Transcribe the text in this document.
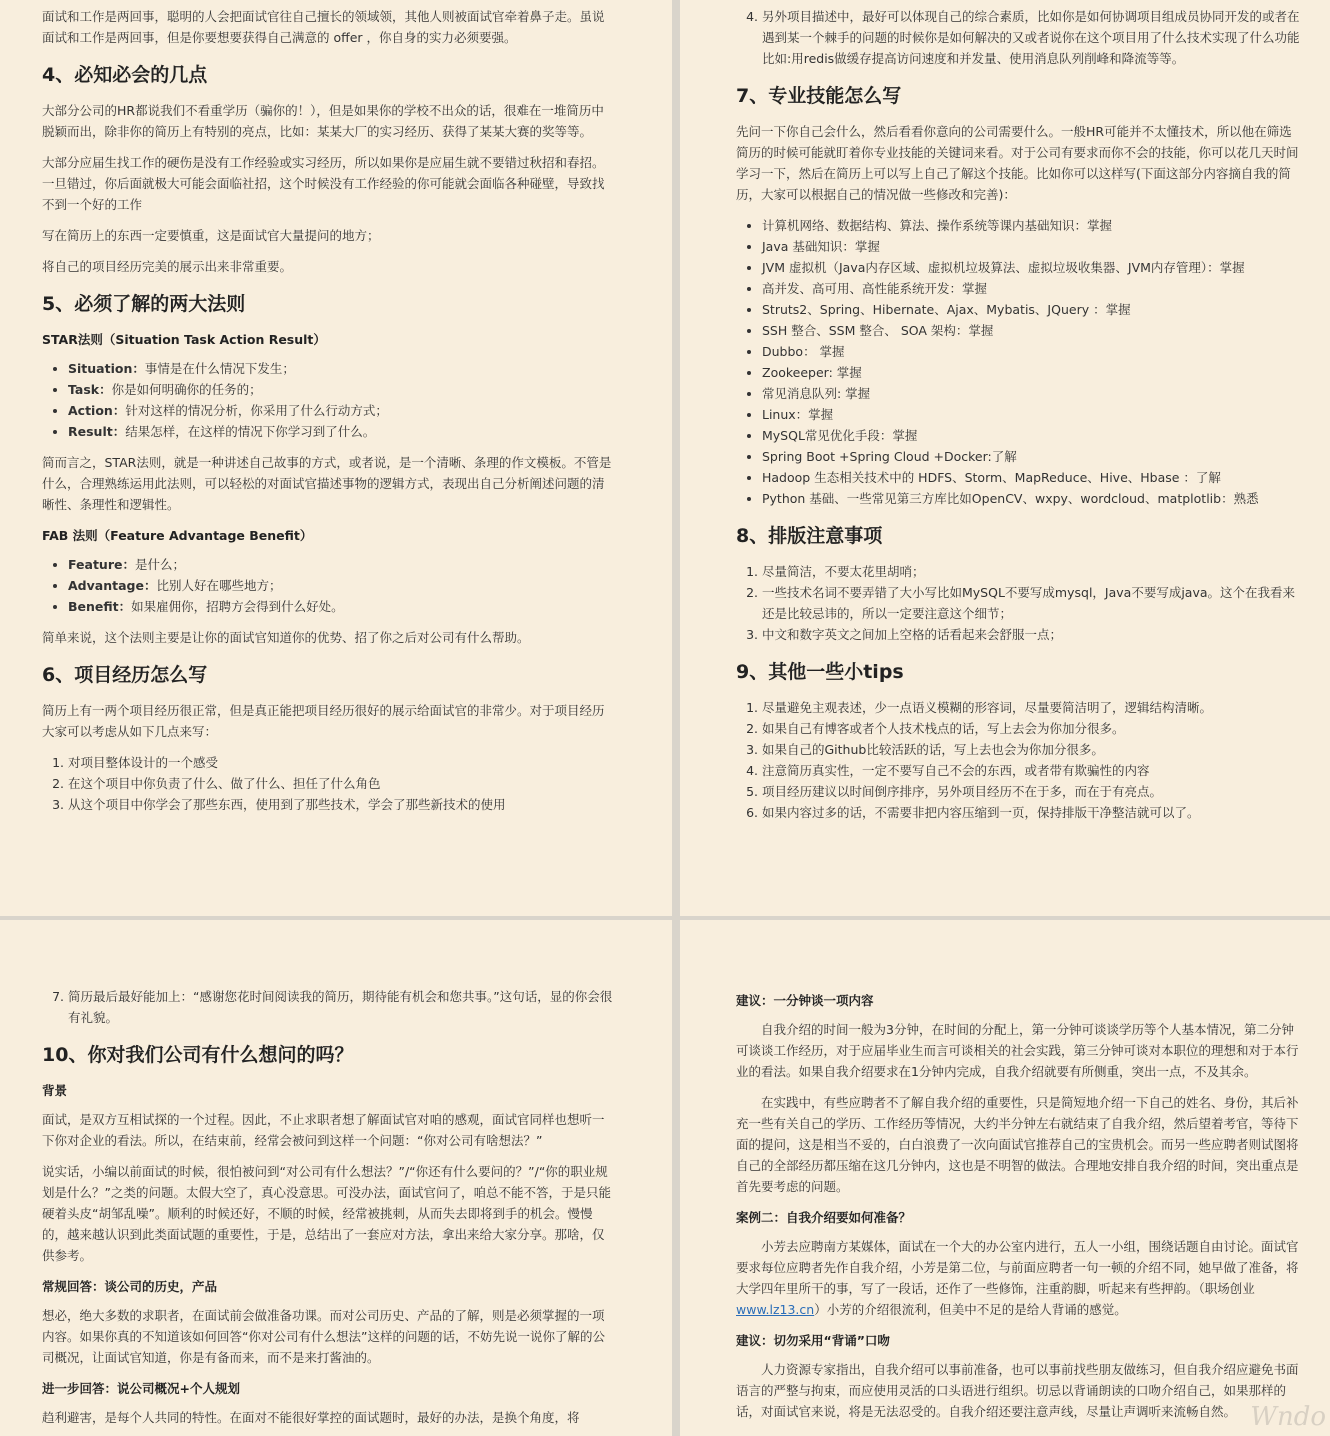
面试和工作是两回事，聪明的人会把面试官往自己擅长的领域领，其他人则被面试官牵着鼻子走。虽说面试和工作是两回事，但是你要想要获得自己满意的 offer ，你自身的实力必须要强。

4、必知必会的几点

大部分公司的HR都说我们不看重学历（骗你的！），但是如果你的学校不出众的话，很难在一堆简历中脱颖而出，除非你的简历上有特别的亮点，比如：某某大厂的实习经历、获得了某某大赛的奖等等。

大部分应届生找工作的硬伤是没有工作经验或实习经历，所以如果你是应届生就不要错过秋招和春招。一旦错过，你后面就极大可能会面临社招，这个时候没有工作经验的你可能就会面临各种碰壁，导致找不到一个好的工作

写在简历上的东西一定要慎重，这是面试官大量提问的地方；

将自己的项目经历完美的展示出来非常重要。

5、必须了解的两大法则
STAR法则（Situation Task Action Result）
• Situation：事情是在什么情况下发生；
• Task：你是如何明确你的任务的；
• Action：针对这样的情况分析，你采用了什么行动方式；
• Result：结果怎样，在这样的情况下你学习到了什么。

简而言之，STAR法则，就是一种讲述自己故事的方式，或者说，是一个清晰、条理的作文模板。不管是什么，合理熟练运用此法则，可以轻松的对面试官描述事物的逻辑方式，表现出自己分析阐述问题的清晰性、条理性和逻辑性。

FAB 法则（Feature Advantage Benefit）
• Feature：是什么；
• Advantage：比别人好在哪些地方；
• Benefit：如果雇佣你，招聘方会得到什么好处。

简单来说，这个法则主要是让你的面试官知道你的优势、招了你之后对公司有什么帮助。

6、项目经历怎么写

简历上有一两个项目经历很正常，但是真正能把项目经历很好的展示给面试官的非常少。对于项目经历大家可以考虑从如下几点来写：

1. 对项目整体设计的一个感受
2. 在这个项目中你负责了什么、做了什么、担任了什么角色
3. 从这个项目中你学会了那些东西，使用到了那些技术，学会了那些新技术的使用
4. 另外项目描述中，最好可以体现自己的综合素质，比如你是如何协调项目组成员协同开发的或者在遇到某一个棘手的问题的时候你是如何解决的又或者说你在这个项目用了什么技术实现了什么功能比如:用redis做缓存提高访问速度和并发量、使用消息队列削峰和降流等等。
7、专业技能怎么写

先问一下你自己会什么，然后看看你意向的公司需要什么。一般HR可能并不太懂技术，所以他在筛选简历的时候可能就盯着你专业技能的关键词来看。对于公司有要求而你不会的技能，你可以花几天时间学习一下，然后在简历上可以写上自己了解这个技能。比如你可以这样写(下面这部分内容摘自我的简历，大家可以根据自己的情况做一些修改和完善)：

• 计算机网络、数据结构、算法、操作系统等课内基础知识：掌握
• Java 基础知识：掌握
• JVM 虚拟机（Java内存区域、虚拟机垃圾算法、虚拟垃圾收集器、JVM内存管理）：掌握
• 高并发、高可用、高性能系统开发：掌握
• Struts2、Spring、Hibernate、Ajax、Mybatis、JQuery ：掌握
• SSH 整合、SSM 整合、 SOA 架构：掌握
• Dubbo： 掌握
• Zookeeper: 掌握
• 常见消息队列: 掌握
• Linux：掌握
• MySQL常见优化手段：掌握
• Spring Boot +Spring Cloud +Docker:了解
• Hadoop 生态相关技术中的 HDFS、Storm、MapReduce、Hive、Hbase ：了解
• Python 基础、一些常见第三方库比如OpenCV、wxpy、wordcloud、matplotlib：熟悉
8、排版注意事项
1. 尽量简洁，不要太花里胡哨；
2. 一些技术名词不要弄错了大小写比如MySQL不要写成mysql，Java不要写成java。这个在我看来还是比较忌讳的，所以一定要注意这个细节；
3. 中文和数字英文之间加上空格的话看起来会舒服一点；
9、其他一些小tips
1. 尽量避免主观表述，少一点语义模糊的形容词，尽量要简洁明了，逻辑结构清晰。
2. 如果自己有博客或者个人技术栈点的话，写上去会为你加分很多。
3. 如果自己的Github比较活跃的话，写上去也会为你加分很多。
4. 注意简历真实性，一定不要写自己不会的东西，或者带有欺骗性的内容
5. 项目经历建议以时间倒序排序，另外项目经历不在于多，而在于有亮点。
6. 如果内容过多的话，不需要非把内容压缩到一页，保持排版干净整洁就可以了。
7. 简历最后最好能加上：“感谢您花时间阅读我的简历，期待能有机会和您共事。”这句话，显的你会很有礼貌。
10、你对我们公司有什么想问的吗？
背景

面试，是双方互相试探的一个过程。因此，不止求职者想了解面试官对咱的感观，面试官同样也想听一下你对企业的看法。所以，在结束前，经常会被问到这样一个问题：“你对公司有啥想法？”

说实话，小编以前面试的时候，很怕被问到“对公司有什么想法？”/“你还有什么要问的？”/“你的职业规划是什么？”之类的问题。太假大空了，真心没意思。可没办法，面试官问了，咱总不能不答，于是只能硬着头皮“胡邹乱噪”。顺利的时候还好，不顺的时候，经常被挑刺，从而失去即将到手的机会。慢慢的，越来越认识到此类面试题的重要性，于是，总结出了一套应对方法，拿出来给大家分享。那啥，仅供参考。

常规回答：谈公司的历史，产品

想必，绝大多数的求职者，在面试前会做准备功课。而对公司历史、产品的了解，则是必须掌握的一项内容。如果你真的不知道该如何回答“你对公司有什么想法”这样的问题的话，不妨先说一说你了解的公司概况，让面试官知道，你是有备而来，而不是来打酱油的。

进一步回答：说公司概况+个人规划

趋利避害，是每个人共同的特性。在面对不能很好掌控的面试题时，最好的办法，是换个角度，将

建议：一分钟谈一项内容

自我介绍的时间一般为3分钟，在时间的分配上，第一分钟可谈谈学历等个人基本情况，第二分钟可谈谈工作经历，对于应届毕业生而言可谈相关的社会实践，第三分钟可谈对本职位的理想和对于本行业的看法。如果自我介绍要求在1分钟内完成，自我介绍就要有所侧重，突出一点，不及其余。

在实践中，有些应聘者不了解自我介绍的重要性，只是简短地介绍一下自己的姓名、身份，其后补充一些有关自己的学历、工作经历等情况，大约半分钟左右就结束了自我介绍，然后望着考官，等待下面的提问，这是相当不妥的，白白浪费了一次向面试官推荐自己的宝贵机会。而另一些应聘者则试图将自己的全部经历都压缩在这几分钟内，这也是不明智的做法。合理地安排自我介绍的时间，突出重点是首先要考虑的问题。

案例二：自我介绍要如何准备？

小芳去应聘南方某媒体，面试在一个大的办公室内进行，五人一小组，围绕话题自由讨论。面试官要求每位应聘者先作自我介绍，小芳是第二位，与前面应聘者一句一顿的介绍不同，她早做了准备，将大学四年里所干的事，写了一段话，还作了一些修饰，注重韵脚，听起来有些押韵。（职场创业www.lz13.cn）小芳的介绍很流利，但美中不足的是给人背诵的感觉。

建议：切勿采用“背诵”口吻

人力资源专家指出，自我介绍可以事前准备，也可以事前找些朋友做练习，但自我介绍应避免书面语言的严整与拘束，而应使用灵活的口头语进行组织。切忌以背诵朗读的口吻介绍自己，如果那样的话，对面试官来说，将是无法忍受的。自我介绍还要注意声线，尽量让声调听来流畅自然。 Wndo
